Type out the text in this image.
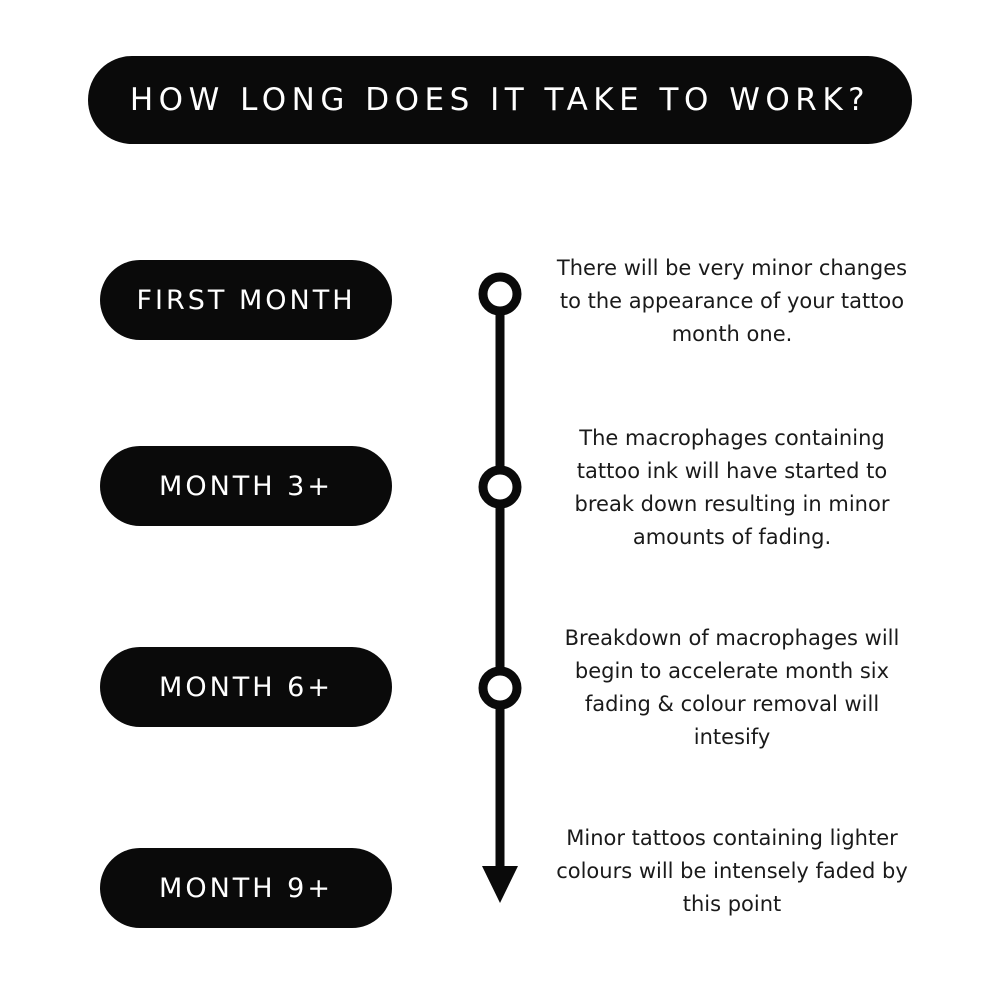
HOW LONG DOES IT TAKE TO WORK?
FIRST MONTH

There will be very minor changes to the appearance of your tattoo month one.

MONTH 3+

The macrophages containing tattoo ink will have started to break down resulting in minor amounts of fading.

MONTH 6+

Breakdown of macrophages will begin to accelerate month six fading & colour removal will intesify

MONTH 9+

Minor tattoos containing lighter colours will be intensely faded by this point
